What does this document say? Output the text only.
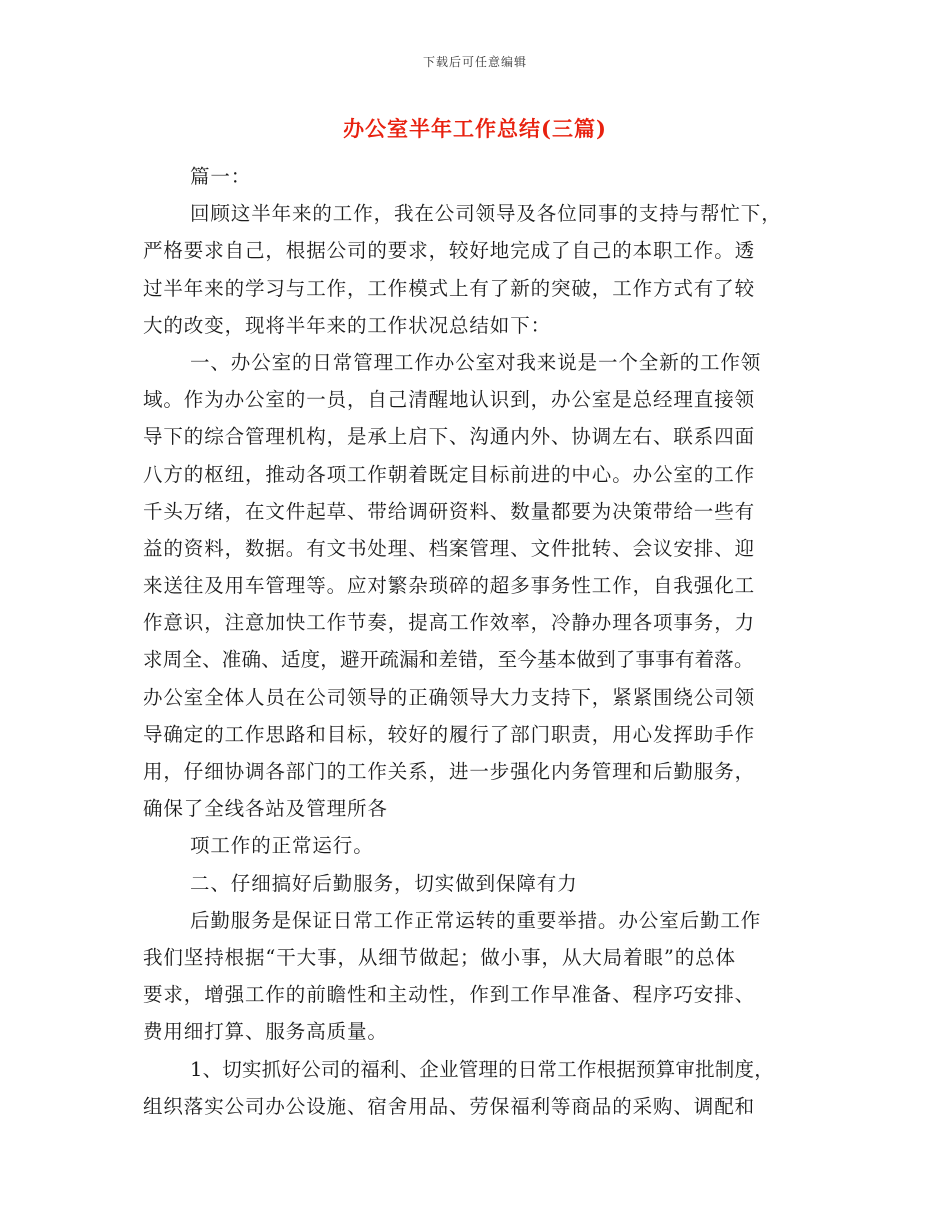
下载后可任意编辑
办公室半年工作总结(三篇)
篇一：
回顾这半年来的工作，我在公司领导及各位同事的支持与帮忙下，
严格要求自己，根据公司的要求，较好地完成了自己的本职工作。透
过半年来的学习与工作，工作模式上有了新的突破，工作方式有了较
大的改变，现将半年来的工作状况总结如下：
一、办公室的日常管理工作办公室对我来说是一个全新的工作领
域。作为办公室的一员，自己清醒地认识到，办公室是总经理直接领
导下的综合管理机构，是承上启下、沟通内外、协调左右、联系四面
八方的枢纽，推动各项工作朝着既定目标前进的中心。办公室的工作
千头万绪，在文件起草、带给调研资料、数量都要为决策带给一些有
益的资料，数据。有文书处理、档案管理、文件批转、会议安排、迎
来送往及用车管理等。应对繁杂琐碎的超多事务性工作，自我强化工
作意识，注意加快工作节奏，提高工作效率，冷静办理各项事务，力
求周全、准确、适度，避开疏漏和差错，至今基本做到了事事有着落。
办公室全体人员在公司领导的正确领导大力支持下，紧紧围绕公司领
导确定的工作思路和目标，较好的履行了部门职责，用心发挥助手作
用，仔细协调各部门的工作关系，进一步强化内务管理和后勤服务，
确保了全线各站及管理所各
项工作的正常运行。
二、仔细搞好后勤服务，切实做到保障有力
后勤服务是保证日常工作正常运转的重要举措。办公室后勤工作
我们坚持根据“干大事，从细节做起；做小事，从大局着眼”的总体
要求，增强工作的前瞻性和主动性，作到工作早准备、程序巧安排、
费用细打算、服务高质量。
1、切实抓好公司的福利、企业管理的日常工作根据预算审批制度，
组织落实公司办公设施、宿舍用品、劳保福利等商品的采购、调配和
